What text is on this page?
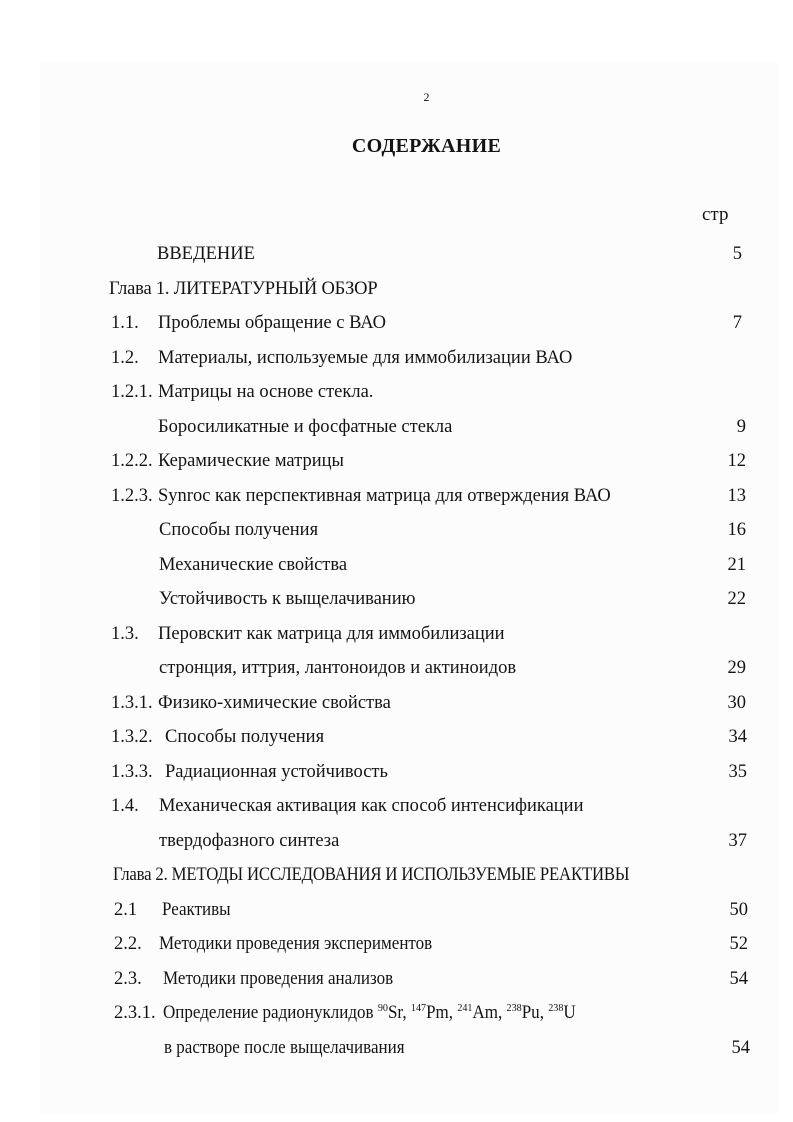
2
СОДЕРЖАНИЕ
стр
ВВЕДЕНИЕ	5
Глава 1. ЛИТЕРАТУРНЫЙ ОБЗОР
1.1. Проблемы обращение с ВАО	7
1.2. Материалы, используемые для иммобилизации ВАО
1.2.1. Матрицы на основе стекла.
Боросиликатные и фосфатные стекла	9
1.2.2. Керамические матрицы	12
1.2.3. Synroc как перспективная матрица для отверждения ВАО	13
Способы получения	16
Механические свойства	21
Устойчивость к выщелачиванию	22
1.3. Перовскит как матрица для иммобилизации
стронция, иттрия, лантоноидов и актиноидов	29
1.3.1. Физико-химические свойства	30
1.3.2. Способы получения	34
1.3.3. Радиационная устойчивость	35
1.4. Механическая активация как способ интенсификации
твердофазного синтеза	37
Глава 2. МЕТОДЫ ИССЛЕДОВАНИЯ И ИСПОЛЬЗУЕМЫЕ РЕАКТИВЫ
2.1 Реактивы	50
2.2. Методики проведения экспериментов	52
2.3. Методики проведения анализов	54
2.3.1. Определение радионуклидов $^{90}$Sr, $^{147}$Pm, $^{241}$Am, $^{238}$Pu, $^{238}$U
в растворе после выщелачивания	54
